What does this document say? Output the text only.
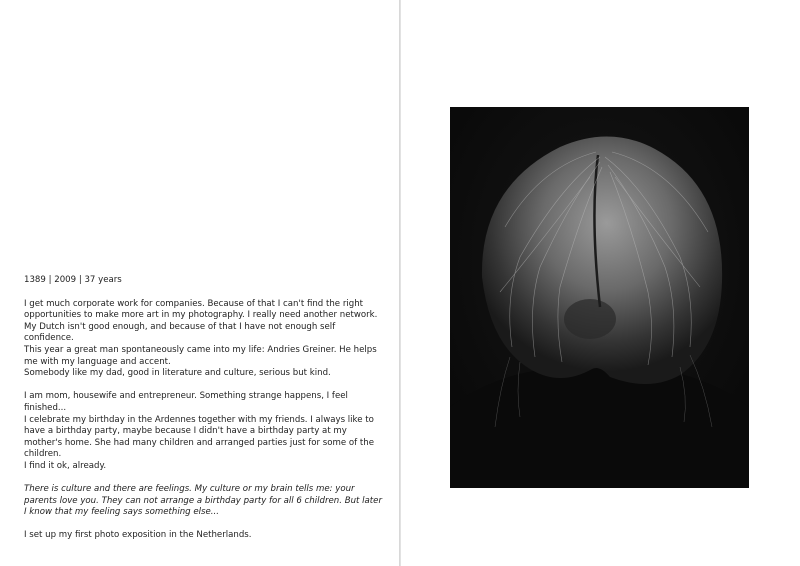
1389 | 2009 | 37 years

I get much corporate work for companies. Because of that I can't find the right opportunities to make more art in my photography. I really need another network.
My Dutch isn't good enough, and because of that I have not enough self confidence.
This year a great man spontaneously came into my life: Andries Greiner. He helps me with my language and accent.
Somebody like my dad, good in literature and culture, serious but kind.
I am mom, housewife and entrepreneur. Something strange happens, I feel finished...
I celebrate my birthday in the Ardennes together with my friends. I always like to have a birthday party, maybe because I didn't have a birthday party at my mother's home. She had many children and arranged parties just for some of the children.
I find it ok, already.
There is culture and there are feelings. My culture or my brain tells me: your parents love you. They can not arrange a birthday party for all 6 children. But later I know that my feeling says something else...
I set up my first photo exposition in the Netherlands.
